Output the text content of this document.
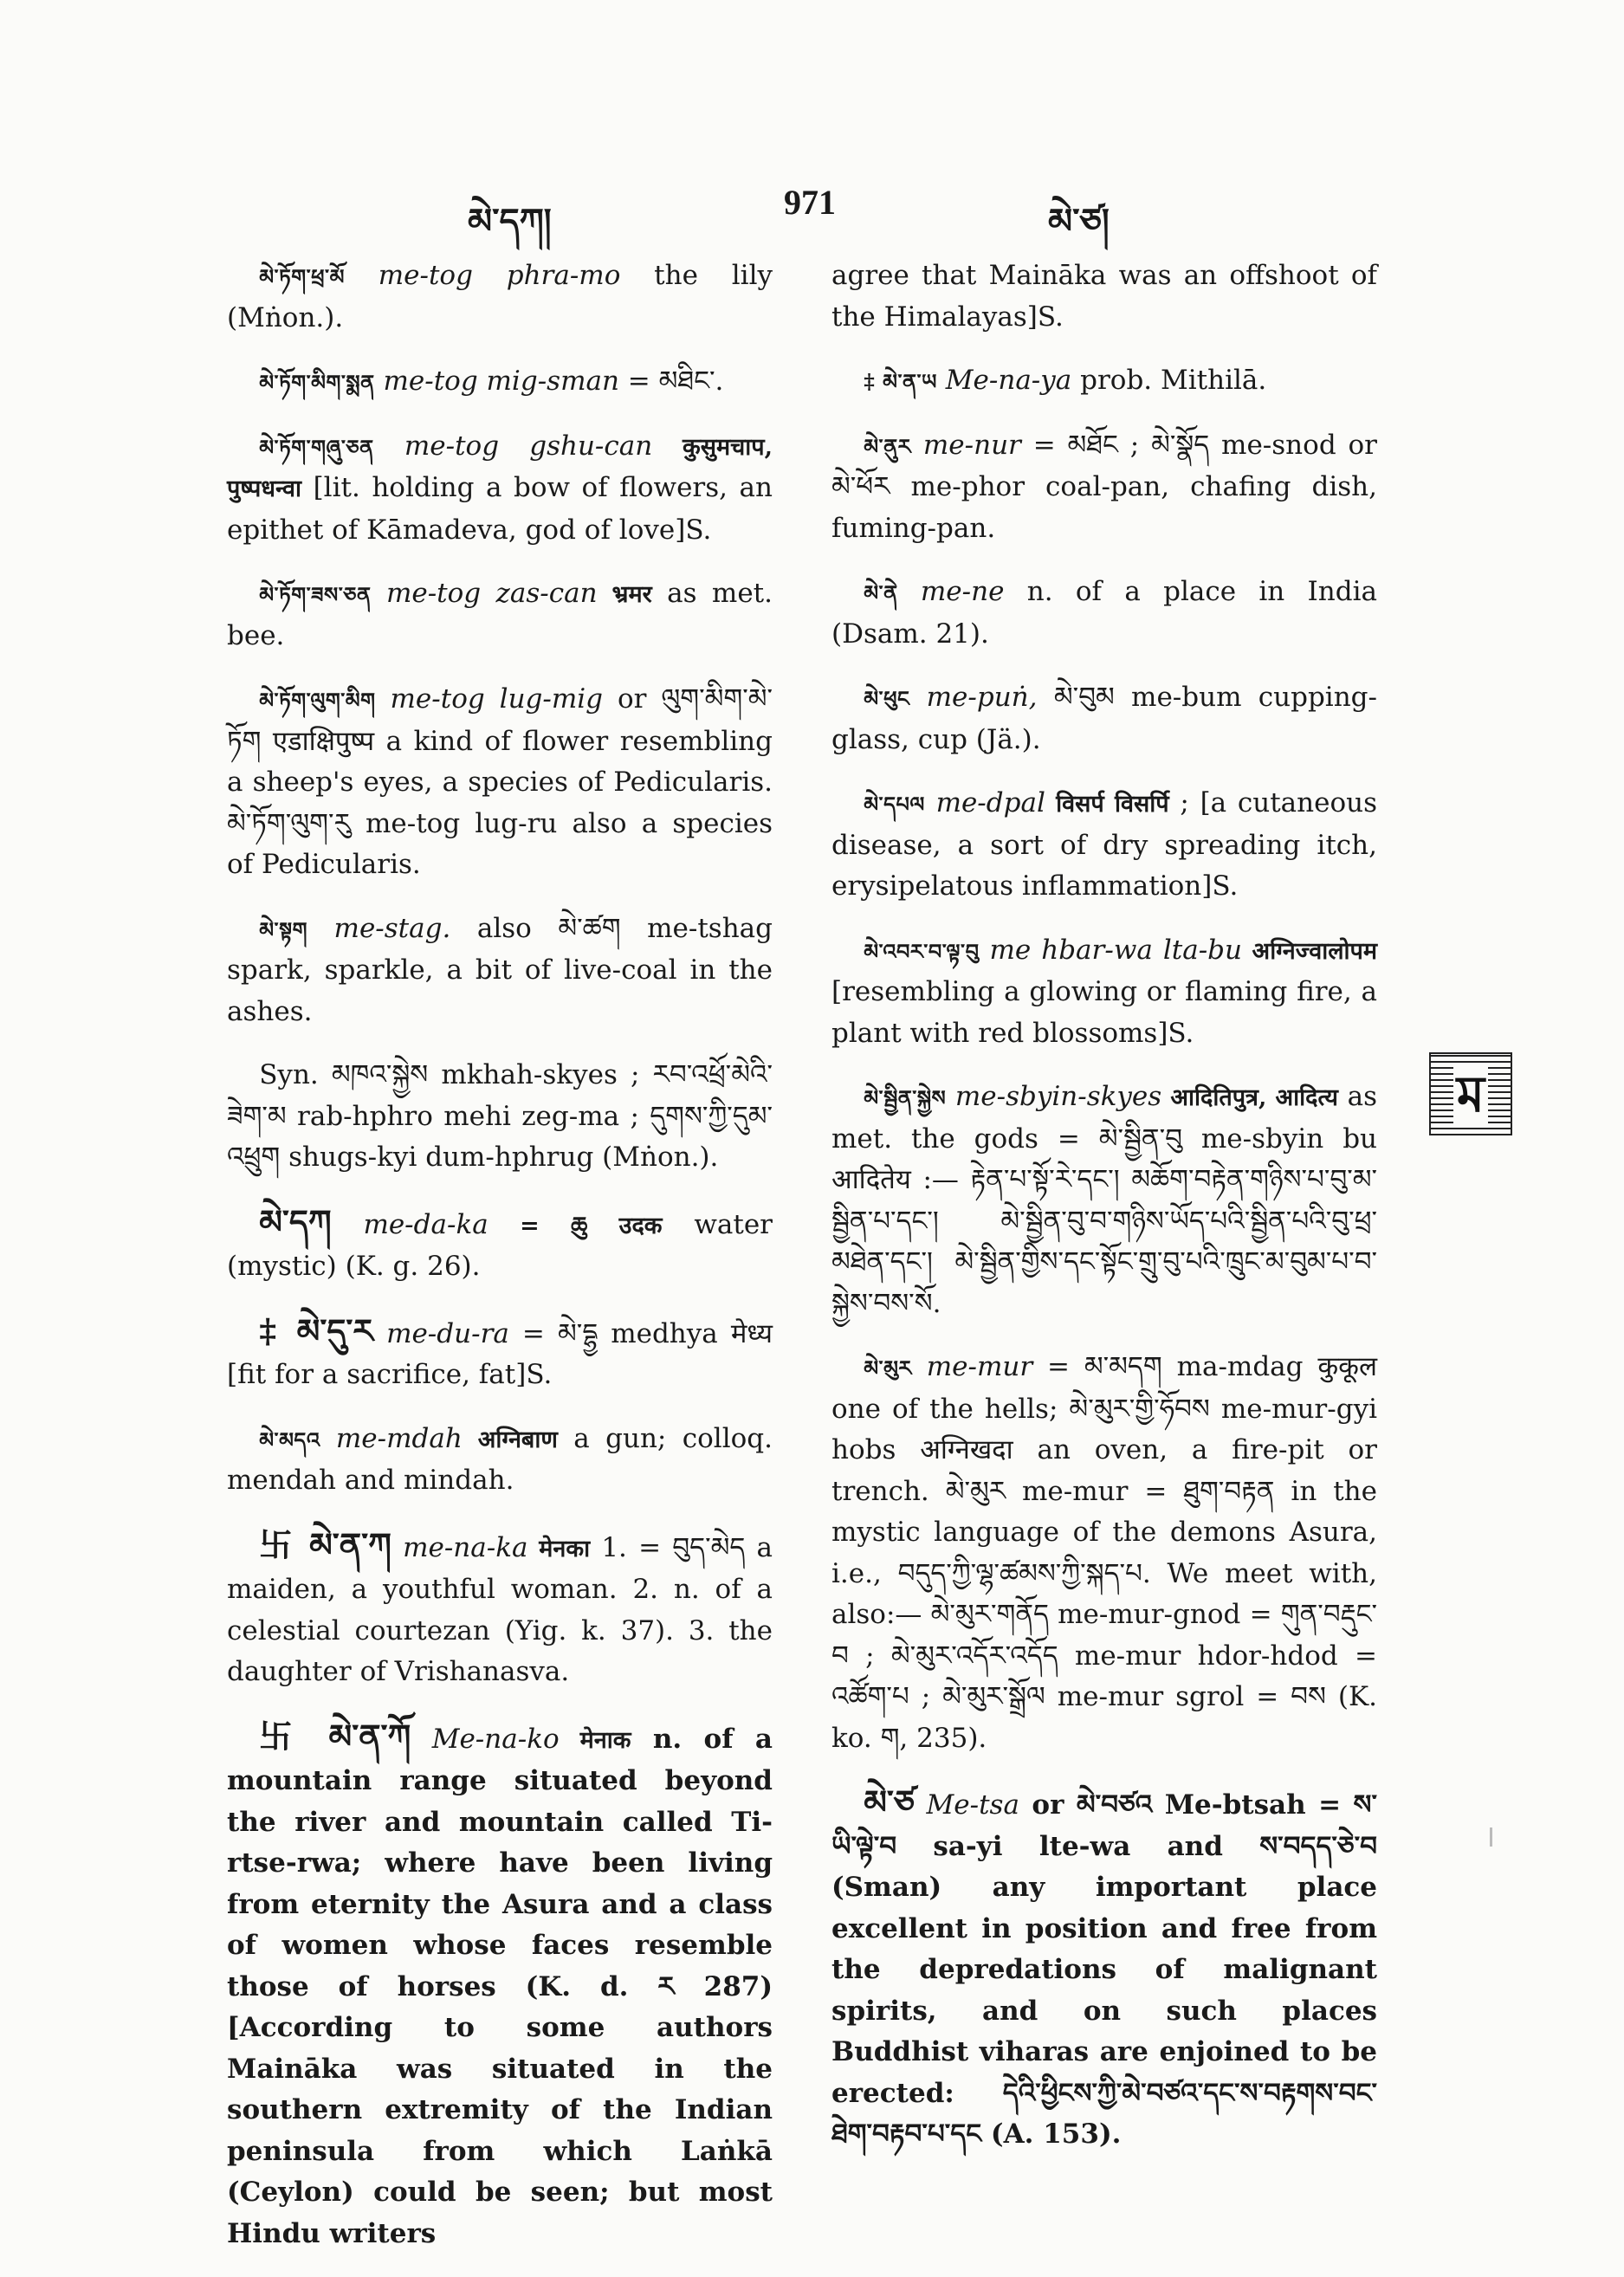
མེ་དཀ།	971	མེ་ཙ།

མེ་ཏོག་ཕྲ་མོ me-tog phra-mo the lily (Mṅon.).

མེ་ཏོག་མིག་སྨན me-tog mig-sman = མཐིང་.

མེ་ཏོག་གཞུ་ཅན me-tog gshu-can कुसुमचाप, पुष्पधन्वा [lit. holding a bow of flowers, an epithet of Kāmadeva, god of love]S.

མེ་ཏོག་ཟས་ཅན me-tog zas-can भ्रमर as met. bee.

མེ་ཏོག་ལུག་མིག me-tog lug-mig or ལུག་མིག་མེ་ཏོག एडाक्षिपुष्प a kind of flower resembling a sheep's eyes, a species of Pedicularis. མེ་ཏོག་ལུག་རུ me-tog lug-ru also a species of Pedicularis.

མེ་སྟག me-stag. also མེ་ཚག me-tshag spark, sparkle, a bit of live-coal in the ashes.

Syn. མཁའ་སྐྱེས mkhah-skyes ; རབ་འཕྲོ་མེའི་ཟེག་མ rab-hphro mehi zeg-ma ; དུགས་ཀྱི་དུམ་འཕྲུག shugs-kyi dum-hphrug (Mṅon.).

མེ་དཀ me-da-ka = ཆུ उदक water (mystic) (K. g. 26).

‡ མེ་དུ་ར me-du-ra = མེ་དྷྱ medhya मेध्य [fit for a sacrifice, fat]S.

མེ་མདའ me-mdah अग्निबाण a gun; colloq. mendah and mindah.

卐 མེ་ན་ཀ me-na-ka मेनका 1. = བུད་མེད a maiden, a youthful woman. 2. n. of a celestial courtezan (Yig. k. 37). 3. the daughter of Vrishanasva.

卐 མེ་ན་ཀོ Me-na-ko मेनाक n. of a mountain range situated beyond the river and mountain called Ti-rtse-rwa; where have been living from eternity the Asura and a class of women whose faces resemble those of horses (K. d. ར 287) [According to some authors Maināka was situated in the southern extremity of the Indian peninsula from which Laṅkā (Ceylon) could be seen; but most Hindu writers

agree that Maināka was an offshoot of the Himalayas]S.

‡ མེ་ན་ཡ Me-na-ya prob. Mithilā.

མེ་ནུར me-nur = མཐོང ; མེ་སྣོད me-snod or མེ་ཕོར me-phor coal-pan, chafing dish, fuming-pan.

མེ་ནེ me-ne n. of a place in India (Dsam. 21).

མེ་ཕུང me-puṅ, མེ་བུམ me-bum cupping-glass, cup (Jä.).

མེ་དཔལ me-dpal विसर्प विसर्पि ; [a cutaneous disease, a sort of dry spreading itch, erysipelatous inflammation]S.

མེ་འབར་བ་ལྟ་བུ me hbar-wa lta-bu अग्निज्वालोपम [resembling a glowing or flaming fire, a plant with red blossoms]S.

མེ་སྦྱིན་སྐྱེས me-sbyin-skyes आदितिपुत्र, आदित्य as met. the gods = མེ་སྦྱིན་བུ me-sbyin bu आदितेय :— རྟེན་པ་སྟོ་རེ་དང་། མཆོག་བརྟེན་གཉིས་པ་བུ་མ་སྦྱིན་པ་དང་། མེ་སྦྱིན་བུ་བ་གཉིས་ཡོད་པའི་སྦྱིན་པའི་བུ་ཕྲ་མཐེན་དང་། མེ་སྦྱིན་གྱིས་དང་སྟོང་གྲུ་བུ་པའི་ཁྲུང་མ་བུམ་པ་བ་སྐྱེས་བས་སོ.

མེ་མུར me-mur = མ་མདག ma-mdag कुकूल one of the hells; མེ་མུར་གྱི་ཧོབས me-mur-gyi hobs अग्निखदा an oven, a fire-pit or trench. མེ་མུར me-mur = ཐུག་བརྟན in the mystic language of the demons Asura, i.e., བདུད་ཀྱི་ལྷ་ཚམས་ཀྱི་སྐད་པ. We meet with, also:— མེ་མུར་གནོད me-mur-gnod = གུན་བརྡུང་བ ; མེ་མུར་འདོར་འདོད me-mur hdor-hdod = འཚོག་པ ; མེ་མུར་སྒྲོལ me-mur sgrol = བས (K. ko. ག, 235).

མེ་ཙ Me-tsa or མེ་བཙའ Me-btsah = ས་ཡི་ལྟེ་བ sa-yi lte-wa and ས་བདད་ཅེ་བ (Sman) any important place excellent in position and free from the depredations of malignant spirits, and on such places Buddhist viharas are enjoined to be erected: དེའི་ཕྱིངས་ཀྱི་མེ་བཙའ་དང་ས་བརྟགས་བང་ཐེག་བརྟབ་པ་དང (A. 153).

ম
